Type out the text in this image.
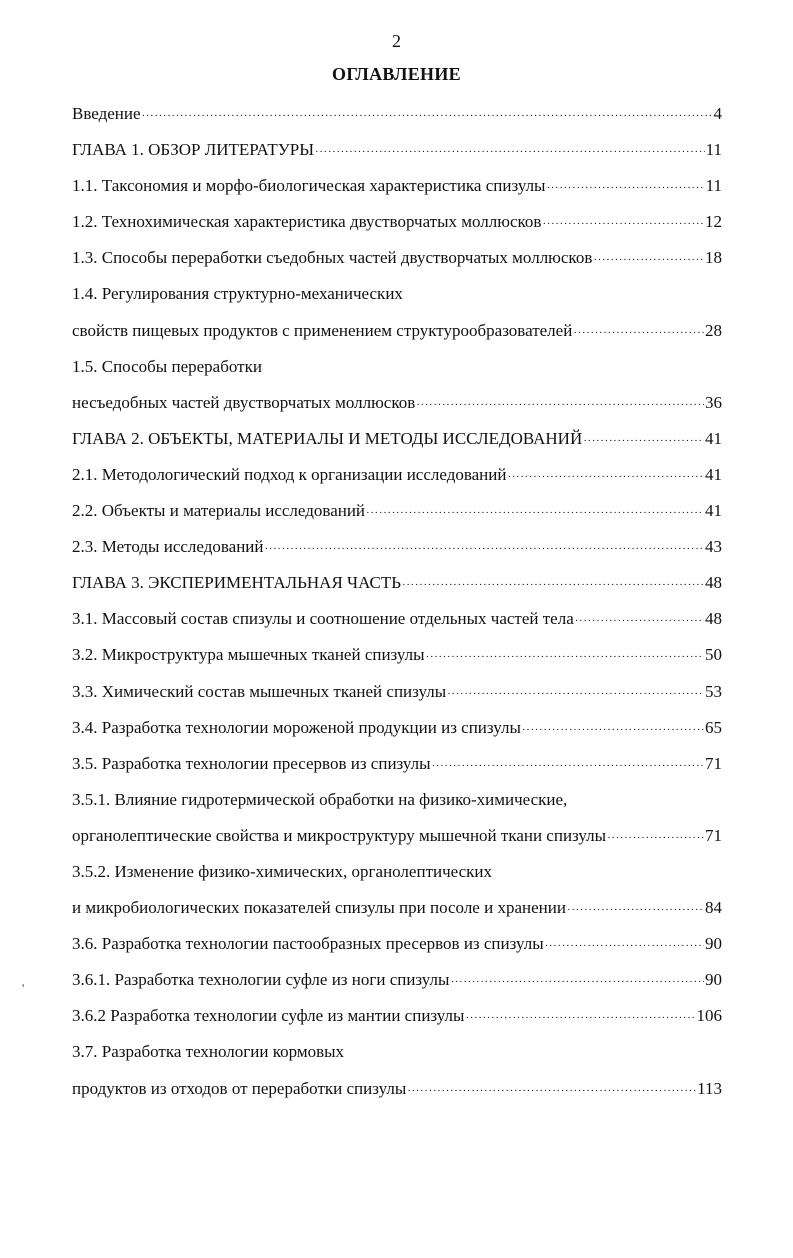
2
ОГЛАВЛЕНИЕ
Введение ·····	4
ГЛАВА 1. ОБЗОР ЛИТЕРАТУРЫ ·····	11
1.1. Таксономия и морфо-биологическая характеристика спизулы ·····	11
1.2. Технохимическая характеристика двустворчатых моллюсков ·····	12
1.3. Способы переработки съедобных частей двустворчатых моллюсков ·····	18
1.4. Регулирования структурно-механических
свойств пищевых продуктов с применением структурообразователей ·····	28
1.5. Способы переработки
несъедобных частей двустворчатых моллюсков ·····	36
ГЛАВА 2. ОБЪЕКТЫ, МАТЕРИАЛЫ И МЕТОДЫ ИССЛЕДОВАНИЙ ·····	41
2.1. Методологический подход к организации исследований ·····	41
2.2. Объекты и материалы исследований ·····	41
2.3. Методы исследований ·····	43
ГЛАВА 3. ЭКСПЕРИМЕНТАЛЬНАЯ ЧАСТЬ ·····	48
3.1. Массовый состав спизулы и соотношение отдельных частей тела ·····	48
3.2. Микроструктура мышечных тканей спизулы ·····	50
3.3. Химический состав мышечных тканей спизулы ·····	53
3.4. Разработка технологии мороженой продукции из спизулы ·····	65
3.5. Разработка технологии пресервов из спизулы ·····	71
3.5.1. Влияние гидротермической обработки на физико-химические,
органолептические свойства и микроструктуру мышечной ткани спизулы ·····	71
3.5.2. Изменение физико-химических, органолептических
и микробиологических показателей спизулы при посоле и хранении ·····	84
3.6. Разработка технологии пастообразных пресервов из спизулы ·····	90
3.6.1. Разработка технологии суфле из ноги спизулы ·····	90
3.6.2 Разработка технологии суфле из мантии спизулы ·····	106
3.7. Разработка технологии кормовых
продуктов из отходов от переработки спизулы ·····	113
,
